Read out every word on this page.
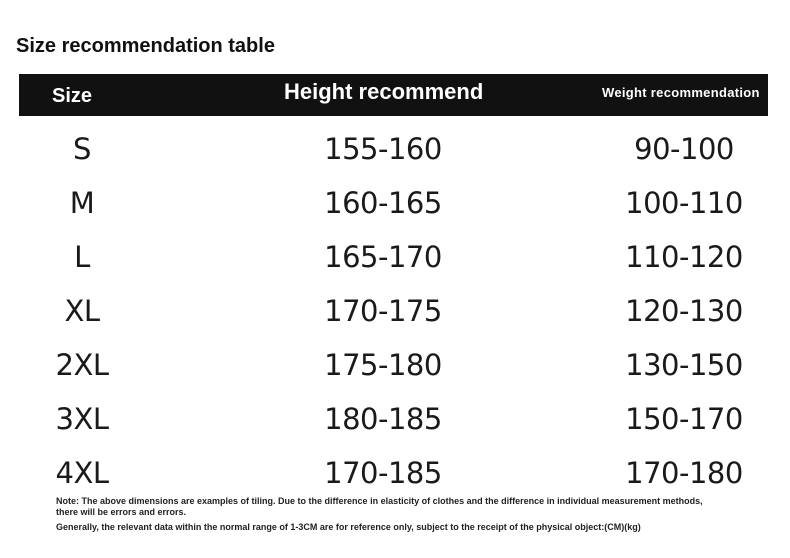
Size recommendation table
Size	Height recommend	Weight recommendation
S	155-160	90-100
M	160-165	100-110
L	165-170	110-120
XL	170-175	120-130
2XL	175-180	130-150
3XL	180-185	150-170
4XL	170-185	170-180
Note: The above dimensions are examples of tiling. Due to the difference in elasticity of clothes and the difference in individual measurement methods, there will be errors and errors.
Generally, the relevant data within the normal range of 1-3CM are for reference only, subject to the receipt of the physical object:(CM)(kg)
